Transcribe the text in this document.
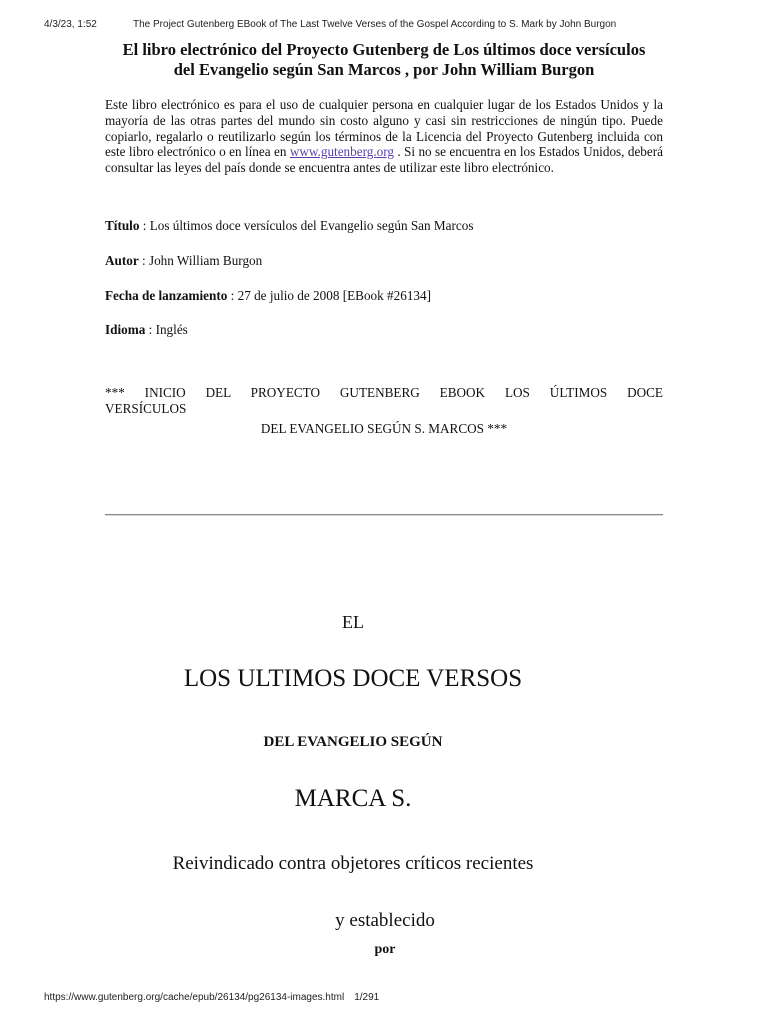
4/3/23, 1:52	The Project Gutenberg EBook of The Last Twelve Verses of the Gospel According to S. Mark by John Burgon
El libro electrónico del Proyecto Gutenberg de Los últimos doce versículos
del Evangelio según San Marcos , por John William Burgon

Este libro electrónico es para el uso de cualquier persona en cualquier lugar de los Estados Unidos y la mayoría de las otras partes del mundo sin costo alguno y casi sin restricciones de ningún tipo. Puede copiarlo, regalarlo o reutilizarlo según los términos de la Licencia del Proyecto Gutenberg incluida con este libro electrónico o en línea en www.gutenberg.org . Si no se encuentra en los Estados Unidos, deberá consultar las leyes del país donde se encuentra antes de utilizar este libro electrónico.

Título : Los últimos doce versículos del Evangelio según San Marcos

Autor : John William Burgon

Fecha de lanzamiento : 27 de julio de 2008 [EBook #26134]

Idioma : Inglés

*** INICIO DEL PROYECTO GUTENBERG EBOOK LOS ÚLTIMOS DOCE
VERSÍCULOS
DEL EVANGELIO SEGÚN S. MARCOS ***
EL
LOS ULTIMOS DOCE VERSOS
DEL EVANGELIO SEGÚN
MARCA S.
Reivindicado contra objetores críticos recientes
y establecido
por
https://www.gutenberg.org/cache/epub/26134/pg26134-images.html 1/291
